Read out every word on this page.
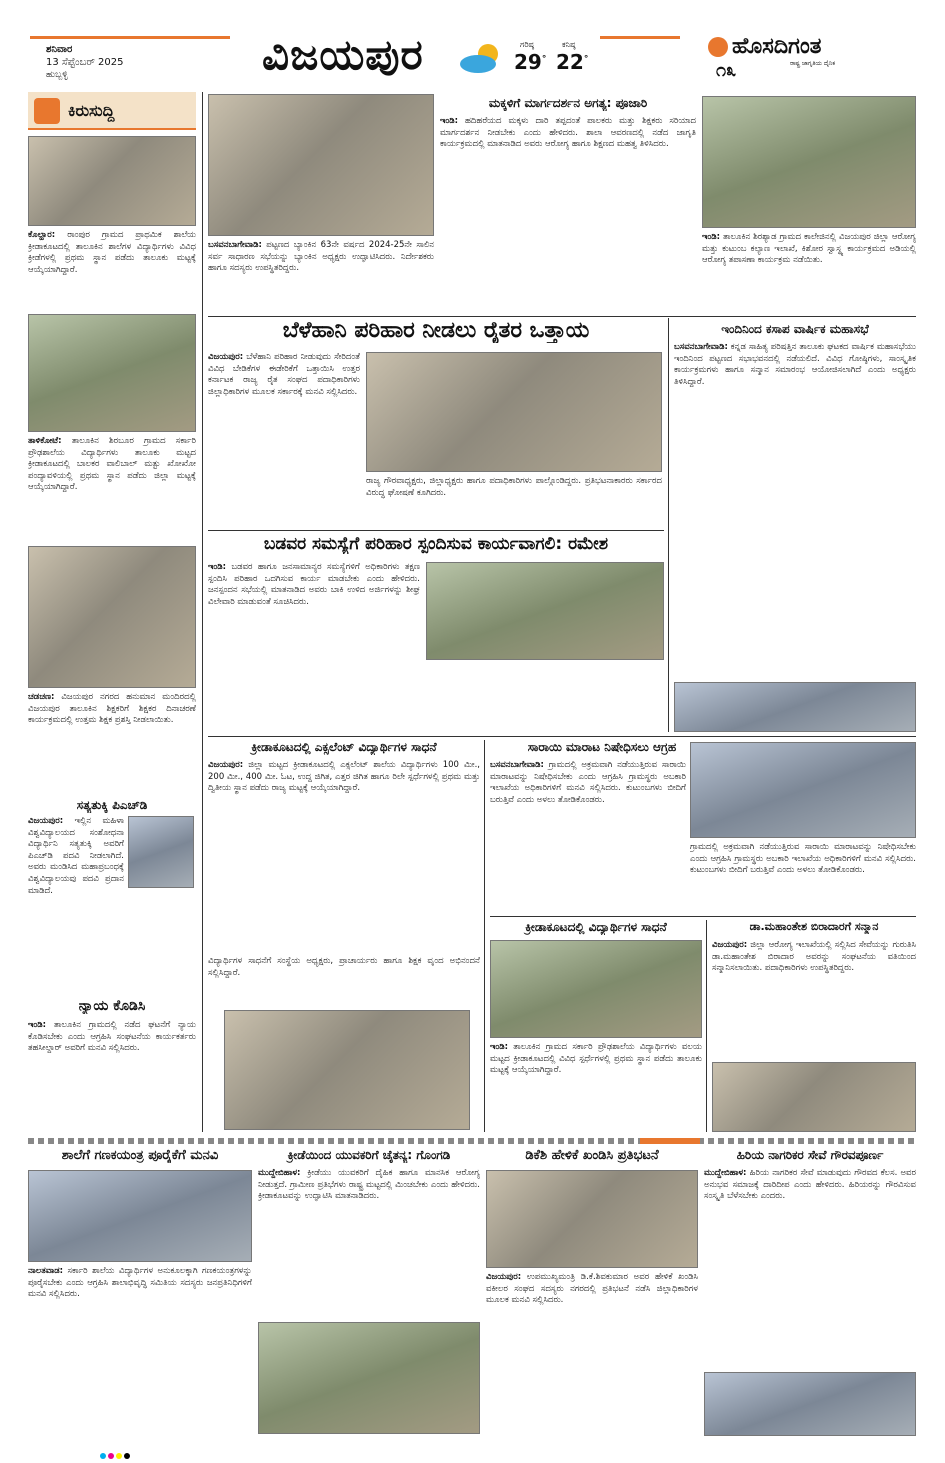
ಶನಿವಾರ
13 ಸೆಪ್ಟೆಂಬರ್ 2025
ಹುಬ್ಬಳ್ಳಿ	ವಿಜಯಪುರ	ಗರಿಷ್ಠ
29°
ಕನಿಷ್ಠ
22°
ಹೊಸದಿಗಂತ
ರಾಷ್ಟ್ರ ಜಾಗೃತಿಯ ದೈನಿಕ
೧೩
ಕಿರುಸುದ್ದಿ
ಕೊಲ್ಹಾರ: ರಾಂಪುರ ಗ್ರಾಮದ ಪ್ರಾಥಮಿಕ ಶಾಲೆಯ ಕ್ರೀಡಾಕೂಟದಲ್ಲಿ ತಾಲೂಕಿನ ಶಾಲೆಗಳ ವಿದ್ಯಾರ್ಥಿಗಳು ವಿವಿಧ ಕ್ರೀಡೆಗಳಲ್ಲಿ ಪ್ರಥಮ ಸ್ಥಾನ ಪಡೆದು ತಾಲೂಕು ಮಟ್ಟಕ್ಕೆ ಆಯ್ಕೆಯಾಗಿದ್ದಾರೆ.
ತಾಳಿಕೋಟೆ: ತಾಲೂಕಿನ ಶಿರಬೂರ ಗ್ರಾಮದ ಸರ್ಕಾರಿ ಪ್ರೌಢಶಾಲೆಯ ವಿದ್ಯಾರ್ಥಿಗಳು ತಾಲೂಕು ಮಟ್ಟದ ಕ್ರೀಡಾಕೂಟದಲ್ಲಿ ಬಾಲಕರ ವಾಲಿಬಾಲ್ ಮತ್ಟು ಖೋಖೋ ಪಂದ್ಯಾವಳಿಯಲ್ಲಿ ಪ್ರಥಮ ಸ್ಥಾನ ಪಡೆದು ಜಿಲ್ಲಾ ಮಟ್ಟಕ್ಕೆ ಆಯ್ಕೆಯಾಗಿದ್ದಾರೆ.
ಚಡಚಣ: ವಿಜಯಪುರ ನಗರದ ಹನುಮಾನ ಮಂದಿರದಲ್ಲಿ ವಿಜಯಪುರ ತಾಲೂಕಿನ ಶಿಕ್ಷಕರಿಗೆ ಶಿಕ್ಷಕರ ದಿನಾಚರಣೆ ಕಾರ್ಯಕ್ರಮದಲ್ಲಿ ಉತ್ತಮ ಶಿಕ್ಷಕ ಪ್ರಶಸ್ತಿ ನೀಡಲಾಯಿತು.
ಸತ್ಯತುಕ್ಕಿ ಪಿಎಚ್‌ಡಿ
ವಿಜಯಪುರ: ಇಲ್ಲಿನ ಮಹಿಳಾ ವಿಶ್ವವಿದ್ಯಾಲಯದ ಸಂಶೋಧನಾ ವಿದ್ಯಾರ್ಥಿನಿ ಸತ್ಯತುಕ್ಕಿ ಅವರಿಗೆ ಪಿಎಚ್‌ಡಿ ಪದವಿ ನೀಡಲಾಗಿದೆ. ಅವರು ಮಂಡಿಸಿದ ಮಹಾಪ್ರಬಂಧಕ್ಕೆ ವಿಶ್ವವಿದ್ಯಾಲಯವು ಪದವಿ ಪ್ರದಾನ ಮಾಡಿದೆ.
ನ್ಯಾಯ ಕೊಡಿಸಿ
ಇಂಡಿ: ತಾಲೂಕಿನ ಗ್ರಾಮದಲ್ಲಿ ನಡೆದ ಘಟನೆಗೆ ನ್ಯಾಯ ಕೊಡಿಸಬೇಕು ಎಂದು ಆಗ್ರಹಿಸಿ ಸಂಘಟನೆಯ ಕಾರ್ಯಕರ್ತರು ತಹಸೀಲ್ದಾರ್ ಅವರಿಗೆ ಮನವಿ ಸಲ್ಲಿಸಿದರು.
ಬಸವನಬಾಗೇವಾಡಿ: ಪಟ್ಟಣದ ಬ್ಯಾಂಕಿನ 63ನೇ ವರ್ಷದ 2024-25ನೇ ಸಾಲಿನ ಸರ್ವ ಸಾಧಾರಣ ಸಭೆಯನ್ನು ಬ್ಯಾಂಕಿನ ಅಧ್ಯಕ್ಷರು ಉದ್ಘಾಟಿಸಿದರು. ನಿರ್ದೇಶಕರು ಹಾಗೂ ಸದಸ್ಯರು ಉಪಸ್ಥಿತರಿದ್ದರು.
ಮಕ್ಕಳಿಗೆ ಮಾರ್ಗದರ್ಶನ ಅಗತ್ಯ: ಪೂಜಾರಿ
ಇಂಡಿ: ಹದಿಹರೆಯದ ಮಕ್ಕಳು ದಾರಿ ತಪ್ಪದಂತೆ ಪಾಲಕರು ಮತ್ತು ಶಿಕ್ಷಕರು ಸರಿಯಾದ ಮಾರ್ಗದರ್ಶನ ನೀಡಬೇಕು ಎಂದು ಹೇಳಿದರು. ಶಾಲಾ ಆವರಣದಲ್ಲಿ ನಡೆದ ಜಾಗೃತಿ ಕಾರ್ಯಕ್ರಮದಲ್ಲಿ ಮಾತನಾಡಿದ ಅವರು ಆರೋಗ್ಯ ಹಾಗೂ ಶಿಕ್ಷಣದ ಮಹತ್ವ ತಿಳಿಸಿದರು.
ಇಂಡಿ: ತಾಲೂಕಿನ ಶಿರಶ್ಯಾಡ ಗ್ರಾಮದ ಕಾಲೇಜಿನಲ್ಲಿ ವಿಜಯಪುರ ಜಿಲ್ಲಾ ಆರೋಗ್ಯ ಮತ್ತು ಕುಟುಂಬ ಕಲ್ಯಾಣ ಇಲಾಖೆ, ಕಿಶೋರ ಸ್ವಾಸ್ಥ್ಯ ಕಾರ್ಯಕ್ರಮದ ಅಡಿಯಲ್ಲಿ ಆರೋಗ್ಯ ತಪಾಸಣಾ ಕಾರ್ಯಕ್ರಮ ನಡೆಯಿತು.
ಬೆಳೆಹಾನಿ ಪರಿಹಾರ ನೀಡಲು ರೈತರ ಒತ್ತಾಯ
ವಿಜಯಪುರ: ಬೆಳೆಹಾನಿ ಪರಿಹಾರ ನೀಡುವುದು ಸೇರಿದಂತೆ ವಿವಿಧ ಬೇಡಿಕೆಗಳ ಈಡೇರಿಕೆಗೆ ಒತ್ತಾಯಿಸಿ ಉತ್ತರ ಕರ್ನಾಟಕ ರಾಜ್ಯ ರೈತ ಸಂಘದ ಪದಾಧಿಕಾರಿಗಳು ಜಿಲ್ಲಾಧಿಕಾರಿಗಳ ಮೂಲಕ ಸರ್ಕಾರಕ್ಕೆ ಮನವಿ ಸಲ್ಲಿಸಿದರು.
ರಾಜ್ಯ ಗೌರವಾಧ್ಯಕ್ಷರು, ಜಿಲ್ಲಾಧ್ಯಕ್ಷರು ಹಾಗೂ ಪದಾಧಿಕಾರಿಗಳು ಪಾಲ್ಗೊಂಡಿದ್ದರು. ಪ್ರತಿಭಟನಾಕಾರರು ಸರ್ಕಾರದ ವಿರುದ್ಧ ಘೋಷಣೆ ಕೂಗಿದರು.
ಇಂದಿನಿಂದ ಕಸಾಪ ವಾರ್ಷಿಕ ಮಹಾಸಭೆ
ಬಸವನಬಾಗೇವಾಡಿ: ಕನ್ನಡ ಸಾಹಿತ್ಯ ಪರಿಷತ್ತಿನ ತಾಲೂಕು ಘಟಕದ ವಾರ್ಷಿಕ ಮಹಾಸಭೆಯು ಇಂದಿನಿಂದ ಪಟ್ಟಣದ ಸಭಾಭವನದಲ್ಲಿ ನಡೆಯಲಿದೆ. ವಿವಿಧ ಗೋಷ್ಠಿಗಳು, ಸಾಂಸ್ಕೃತಿಕ ಕಾರ್ಯಕ್ರಮಗಳು ಹಾಗೂ ಸನ್ಮಾನ ಸಮಾರಂಭ ಆಯೋಜಿಸಲಾಗಿದೆ ಎಂದು ಅಧ್ಯಕ್ಷರು ತಿಳಿಸಿದ್ದಾರೆ.
ಬಡವರ ಸಮಸ್ಯೆಗೆ ಪರಿಹಾರ ಸ್ಪಂದಿಸುವ ಕಾರ್ಯವಾಗಲಿ: ರಮೇಶ
ಇಂಡಿ: ಬಡವರ ಹಾಗೂ ಜನಸಾಮಾನ್ಯರ ಸಮಸ್ಯೆಗಳಿಗೆ ಅಧಿಕಾರಿಗಳು ತಕ್ಷಣ ಸ್ಪಂದಿಸಿ ಪರಿಹಾರ ಒದಗಿಸುವ ಕಾರ್ಯ ಮಾಡಬೇಕು ಎಂದು ಹೇಳಿದರು. ಜನಸ್ಪಂದನ ಸಭೆಯಲ್ಲಿ ಮಾತನಾಡಿದ ಅವರು ಬಾಕಿ ಉಳಿದ ಅರ್ಜಿಗಳನ್ನು ಶೀಘ್ರ ವಿಲೇವಾರಿ ಮಾಡುವಂತೆ ಸೂಚಿಸಿದರು.
ಕ್ರೀಡಾಕೂಟದಲ್ಲಿ ಎಕ್ಸಲೆಂಟ್ ವಿದ್ಯಾರ್ಥಿಗಳ ಸಾಧನೆ
ವಿಜಯಪುರ: ಜಿಲ್ಲಾ ಮಟ್ಟದ ಕ್ರೀಡಾಕೂಟದಲ್ಲಿ ಎಕ್ಸಲೆಂಟ್ ಶಾಲೆಯ ವಿದ್ಯಾರ್ಥಿಗಳು 100 ಮೀ., 200 ಮೀ., 400 ಮೀ. ಓಟ, ಉದ್ದ ಜಿಗಿತ, ಎತ್ತರ ಜಿಗಿತ ಹಾಗೂ ರಿಲೇ ಸ್ಪರ್ಧೆಗಳಲ್ಲಿ ಪ್ರಥಮ ಮತ್ತು ದ್ವಿತೀಯ ಸ್ಥಾನ ಪಡೆದು ರಾಜ್ಯ ಮಟ್ಟಕ್ಕೆ ಆಯ್ಕೆಯಾಗಿದ್ದಾರೆ.
ವಿದ್ಯಾರ್ಥಿಗಳ ಸಾಧನೆಗೆ ಸಂಸ್ಥೆಯ ಅಧ್ಯಕ್ಷರು, ಪ್ರಾಚಾರ್ಯರು ಹಾಗೂ ಶಿಕ್ಷಕ ವೃಂದ ಅಭಿನಂದನೆ ಸಲ್ಲಿಸಿದ್ದಾರೆ.
ಸಾರಾಯಿ ಮಾರಾಟ ನಿಷೇಧಿಸಲು ಆಗ್ರಹ
ಬಸವನಬಾಗೇವಾಡಿ: ಗ್ರಾಮದಲ್ಲಿ ಅಕ್ರಮವಾಗಿ ನಡೆಯುತ್ತಿರುವ ಸಾರಾಯಿ ಮಾರಾಟವನ್ನು ನಿಷೇಧಿಸಬೇಕು ಎಂದು ಆಗ್ರಹಿಸಿ ಗ್ರಾಮಸ್ಥರು ಅಬಕಾರಿ ಇಲಾಖೆಯ ಅಧಿಕಾರಿಗಳಿಗೆ ಮನವಿ ಸಲ್ಲಿಸಿದರು. ಕುಟುಂಬಗಳು ಬೀದಿಗೆ ಬರುತ್ತಿವೆ ಎಂದು ಅಳಲು ತೋಡಿಕೊಂಡರು.
ಗ್ರಾಮದಲ್ಲಿ ಅಕ್ರಮವಾಗಿ ನಡೆಯುತ್ತಿರುವ ಸಾರಾಯಿ ಮಾರಾಟವನ್ನು ನಿಷೇಧಿಸಬೇಕು ಎಂದು ಆಗ್ರಹಿಸಿ ಗ್ರಾಮಸ್ಥರು ಅಬಕಾರಿ ಇಲಾಖೆಯ ಅಧಿಕಾರಿಗಳಿಗೆ ಮನವಿ ಸಲ್ಲಿಸಿದರು. ಕುಟುಂಬಗಳು ಬೀದಿಗೆ ಬರುತ್ತಿವೆ ಎಂದು ಅಳಲು ತೋಡಿಕೊಂಡರು.
ಕ್ರೀಡಾಕೂಟದಲ್ಲಿ ವಿದ್ಯಾರ್ಥಿಗಳ ಸಾಧನೆ
ಇಂಡಿ: ತಾಲೂಕಿನ ಗ್ರಾಮದ ಸರ್ಕಾರಿ ಪ್ರೌಢಶಾಲೆಯ ವಿದ್ಯಾರ್ಥಿಗಳು ವಲಯ ಮಟ್ಟದ ಕ್ರೀಡಾಕೂಟದಲ್ಲಿ ವಿವಿಧ ಸ್ಪರ್ಧೆಗಳಲ್ಲಿ ಪ್ರಥಮ ಸ್ಥಾನ ಪಡೆದು ತಾಲೂಕು ಮಟ್ಟಕ್ಕೆ ಆಯ್ಕೆಯಾಗಿದ್ದಾರೆ.
ಡಾ.ಮಹಾಂತೇಶ ಬಿರಾದಾರಗೆ ಸನ್ಮಾನ
ವಿಜಯಪುರ: ಜಿಲ್ಲಾ ಆರೋಗ್ಯ ಇಲಾಖೆಯಲ್ಲಿ ಸಲ್ಲಿಸಿದ ಸೇವೆಯನ್ನು ಗುರುತಿಸಿ ಡಾ.ಮಹಾಂತೇಶ ಬಿರಾದಾರ ಅವರನ್ನು ಸಂಘಟನೆಯ ವತಿಯಿಂದ ಸನ್ಮಾನಿಸಲಾಯಿತು. ಪದಾಧಿಕಾರಿಗಳು ಉಪಸ್ಥಿತರಿದ್ದರು.
ಶಾಲೆಗೆ ಗಣಕಯಂತ್ರ ಪೂರೈಕೆಗೆ ಮನವಿ
ನಾಲತವಾಡ: ಸರ್ಕಾರಿ ಶಾಲೆಯ ವಿದ್ಯಾರ್ಥಿಗಳ ಅನುಕೂಲಕ್ಕಾಗಿ ಗಣಕಯಂತ್ರಗಳನ್ನು ಪೂರೈಸಬೇಕು ಎಂದು ಆಗ್ರಹಿಸಿ ಶಾಲಾಭಿವೃದ್ಧಿ ಸಮಿತಿಯ ಸದಸ್ಯರು ಜನಪ್ರತಿನಿಧಿಗಳಿಗೆ ಮನವಿ ಸಲ್ಲಿಸಿದರು.
ಕ್ರೀಡೆಯಿಂದ ಯುವಕರಿಗೆ ಚೈತನ್ಯ: ಗೊಂಗಡಿ
ಮುದ್ದೇಬಿಹಾಳ: ಕ್ರೀಡೆಯು ಯುವಕರಿಗೆ ದೈಹಿಕ ಹಾಗೂ ಮಾನಸಿಕ ಆರೋಗ್ಯ ನೀಡುತ್ತದೆ. ಗ್ರಾಮೀಣ ಪ್ರತಿಭೆಗಳು ರಾಷ್ಟ್ರ ಮಟ್ಟದಲ್ಲಿ ಮಿಂಚಬೇಕು ಎಂದು ಹೇಳಿದರು. ಕ್ರೀಡಾಕೂಟವನ್ನು ಉದ್ಘಾಟಿಸಿ ಮಾತನಾಡಿದರು.
ಡಿಕೆಶಿ ಹೇಳಿಕೆ ಖಂಡಿಸಿ ಪ್ರತಿಭಟನೆ
ವಿಜಯಪುರ: ಉಪಮುಖ್ಯಮಂತ್ರಿ ಡಿ.ಕೆ.ಶಿವಕುಮಾರ ಅವರ ಹೇಳಿಕೆ ಖಂಡಿಸಿ ವಕೀಲರ ಸಂಘದ ಸದಸ್ಯರು ನಗರದಲ್ಲಿ ಪ್ರತಿಭಟನೆ ನಡೆಸಿ ಜಿಲ್ಲಾಧಿಕಾರಿಗಳ ಮೂಲಕ ಮನವಿ ಸಲ್ಲಿಸಿದರು.
ಹಿರಿಯ ನಾಗರಿಕರ ಸೇವೆ ಗೌರವಪೂರ್ಣ
ಮುದ್ದೇಬಿಹಾಳ: ಹಿರಿಯ ನಾಗರಿಕರ ಸೇವೆ ಮಾಡುವುದು ಗೌರವದ ಕೆಲಸ. ಅವರ ಅನುಭವ ಸಮಾಜಕ್ಕೆ ದಾರಿದೀಪ ಎಂದು ಹೇಳಿದರು. ಹಿರಿಯರನ್ನು ಗೌರವಿಸುವ ಸಂಸ್ಕೃತಿ ಬೆಳೆಸಬೇಕು ಎಂದರು.
